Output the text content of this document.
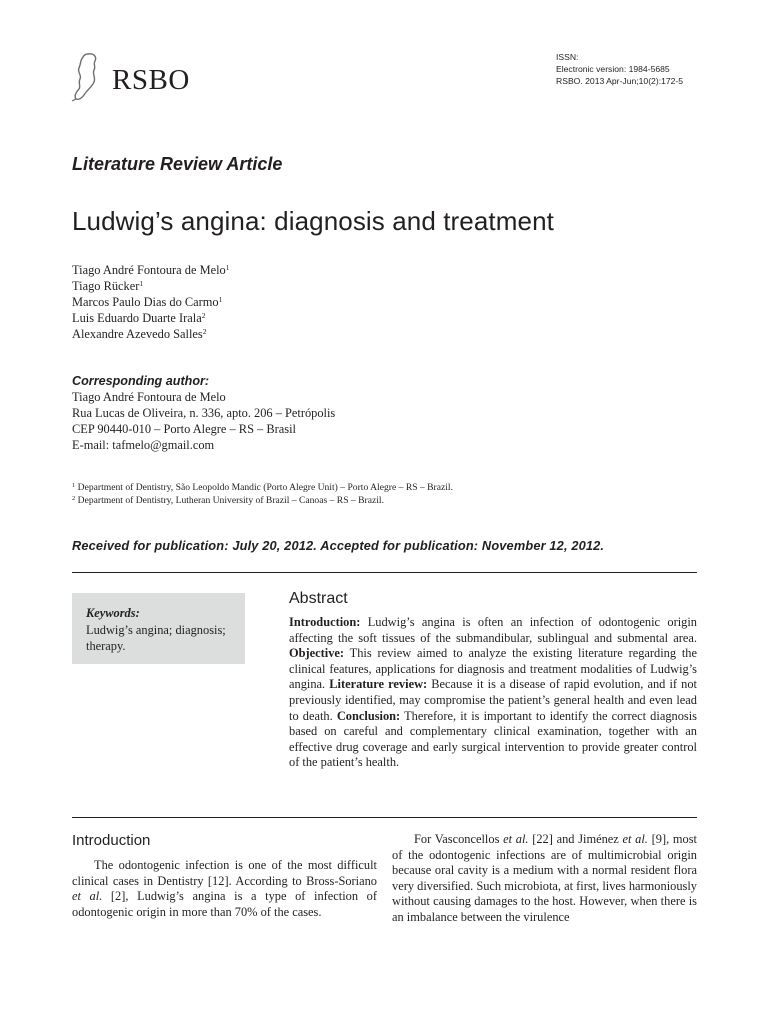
RSBO
ISSN:
Electronic version: 1984-5685
RSBO. 2013 Apr-Jun;10(2):172-5
Literature Review Article
Ludwig’s angina: diagnosis and treatment
Tiago André Fontoura de Melo$^1$
Tiago Rücker$^1$
Marcos Paulo Dias do Carmo$^1$
Luis Eduardo Duarte Irala$^2$
Alexandre Azevedo Salles$^2$
Corresponding author:
Tiago André Fontoura de Melo
Rua Lucas de Oliveira, n. 336, apto. 206 – Petrópolis
CEP 90440-010 – Porto Alegre – RS – Brasil
E-mail: tafmelo@gmail.com
$^1$ Department of Dentistry, São Leopoldo Mandic (Porto Alegre Unit) – Porto Alegre – RS – Brazil.
$^2$ Department of Dentistry, Lutheran University of Brazil – Canoas – RS – Brazil.
Received for publication: July 20, 2012. Accepted for publication: November 12, 2012.
Keywords:
Ludwig’s angina; diagnosis; therapy.
Abstract
Introduction: Ludwig’s angina is often an infection of odontogenic origin affecting the soft tissues of the submandibular, sublingual and submental area. Objective: This review aimed to analyze the existing literature regarding the clinical features, applications for diagnosis and treatment modalities of Ludwig’s angina. Literature review: Because it is a disease of rapid evolution, and if not previously identified, may compromise the patient’s general health and even lead to death. Conclusion: Therefore, it is important to identify the correct diagnosis based on careful and complementary clinical examination, together with an effective drug coverage and early surgical intervention to provide greater control of the patient’s health.
Introduction

The odontogenic infection is one of the most difficult clinical cases in Dentistry [12]. According to Bross-Soriano et al. [2], Ludwig’s angina is a type of infection of odontogenic origin in more than 70% of the cases.

For Vasconcellos et al. [22] and Jiménez et al. [9], most of the odontogenic infections are of multimicrobial origin because oral cavity is a medium with a normal resident flora very diversified. Such microbiota, at first, lives harmoniously without causing damages to the host. However, when there is an imbalance between the virulence
